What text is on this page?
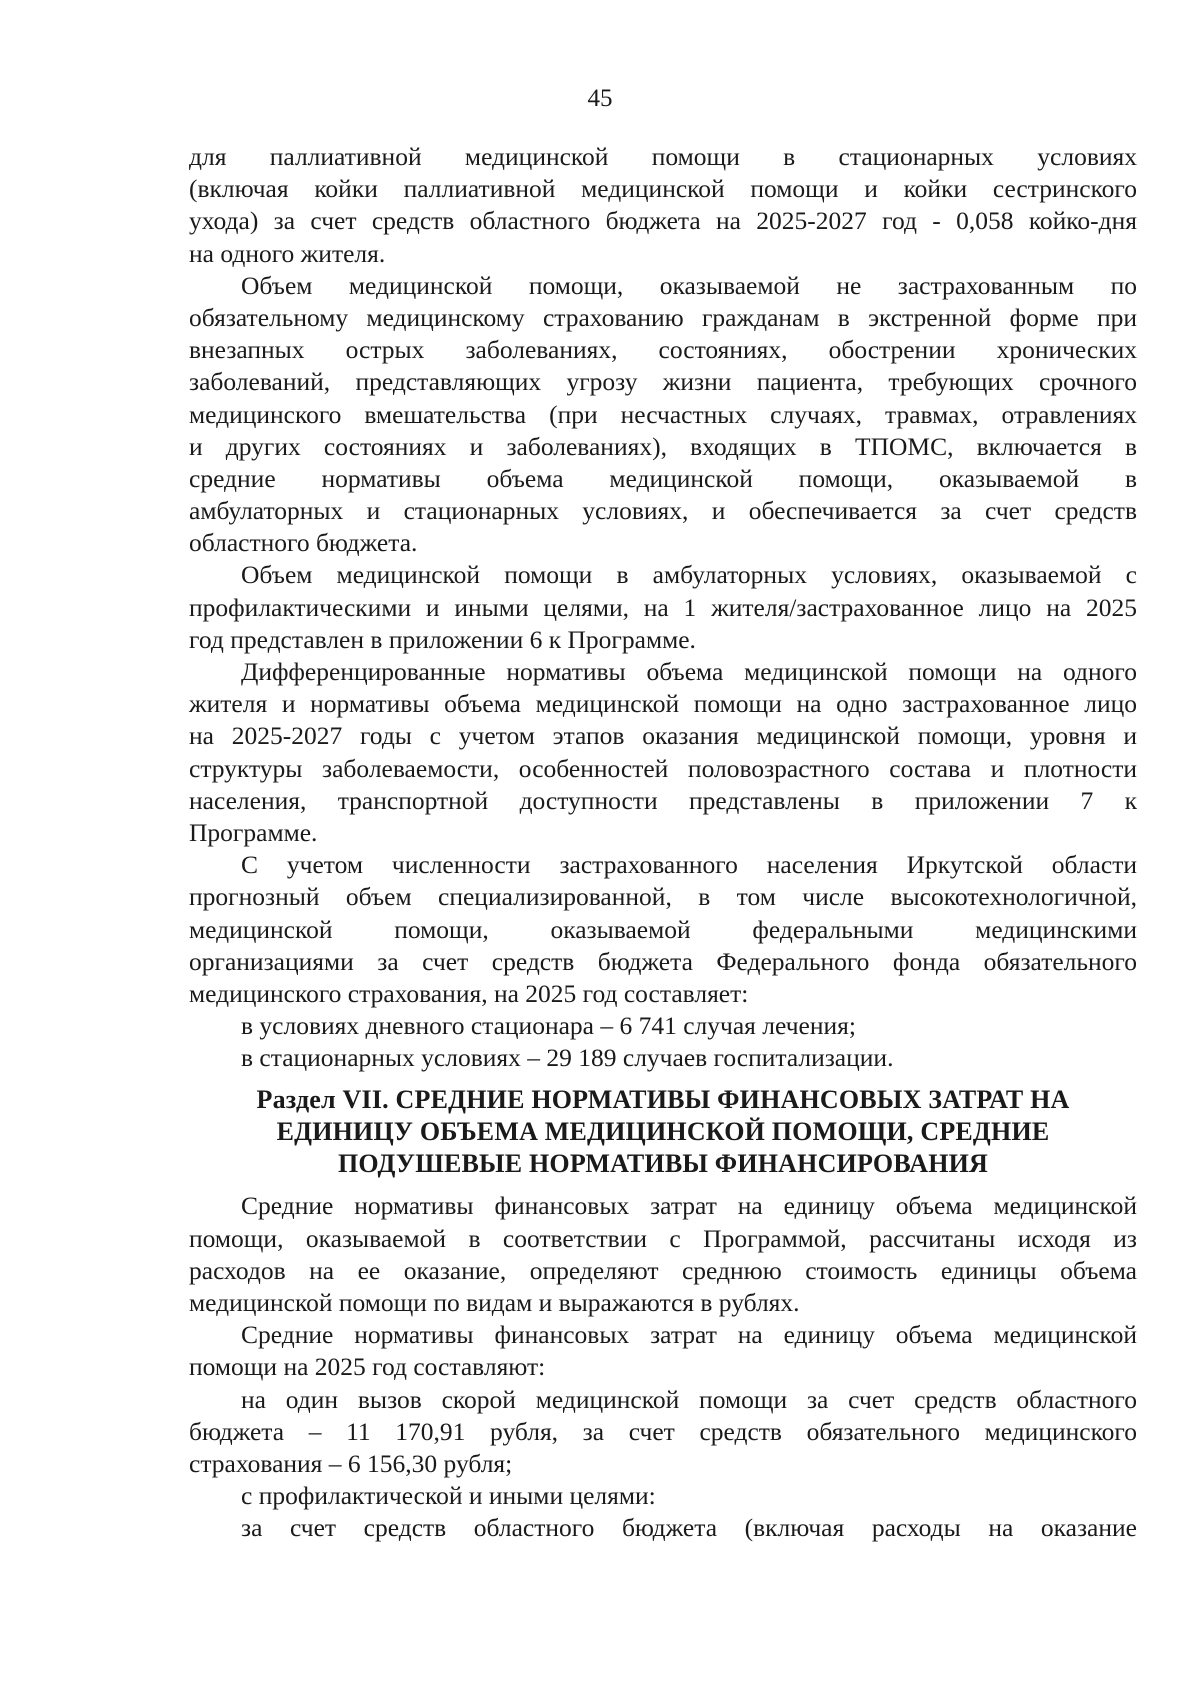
45
для паллиативной медицинской помощи в стационарных условиях
(включая койки паллиативной медицинской помощи и койки сестринского
ухода) за счет средств областного бюджета на 2025-2027 год - 0,058 койко-дня
на одного жителя.
Объем медицинской помощи, оказываемой не застрахованным по
обязательному медицинскому страхованию гражданам в экстренной форме при
внезапных острых заболеваниях, состояниях, обострении хронических
заболеваний, представляющих угрозу жизни пациента, требующих срочного
медицинского вмешательства (при несчастных случаях, травмах, отравлениях
и других состояниях и заболеваниях), входящих в ТПОМС, включается в
средние нормативы объема медицинской помощи, оказываемой в
амбулаторных и стационарных условиях, и обеспечивается за счет средств
областного бюджета.
Объем медицинской помощи в амбулаторных условиях, оказываемой с
профилактическими и иными целями, на 1 жителя/застрахованное лицо на 2025
год представлен в приложении 6 к Программе.
Дифференцированные нормативы объема медицинской помощи на одного
жителя и нормативы объема медицинской помощи на одно застрахованное лицо
на 2025-2027 годы с учетом этапов оказания медицинской помощи, уровня и
структуры заболеваемости, особенностей половозрастного состава и плотности
населения, транспортной доступности представлены в приложении 7 к
Программе.
С учетом численности застрахованного населения Иркутской области
прогнозный объем специализированной, в том числе высокотехнологичной,
медицинской помощи, оказываемой федеральными медицинскими
организациями за счет средств бюджета Федерального фонда обязательного
медицинского страхования, на 2025 год составляет:
в условиях дневного стационара – 6 741 случая лечения;
в стационарных условиях – 29 189 случаев госпитализации.
Раздел VII. СРЕДНИЕ НОРМАТИВЫ ФИНАНСОВЫХ ЗАТРАТ НА
ЕДИНИЦУ ОБЪЕМА МЕДИЦИНСКОЙ ПОМОЩИ, СРЕДНИЕ
ПОДУШЕВЫЕ НОРМАТИВЫ ФИНАНСИРОВАНИЯ
Средние нормативы финансовых затрат на единицу объема медицинской
помощи, оказываемой в соответствии с Программой, рассчитаны исходя из
расходов на ее оказание, определяют среднюю стоимость единицы объема
медицинской помощи по видам и выражаются в рублях.
Средние нормативы финансовых затрат на единицу объема медицинской
помощи на 2025 год составляют:
на один вызов скорой медицинской помощи за счет средств областного
бюджета – 11 170,91 рубля, за счет средств обязательного медицинского
страхования – 6 156,30 рубля;
с профилактической и иными целями:
за счет средств областного бюджета (включая расходы на оказание
